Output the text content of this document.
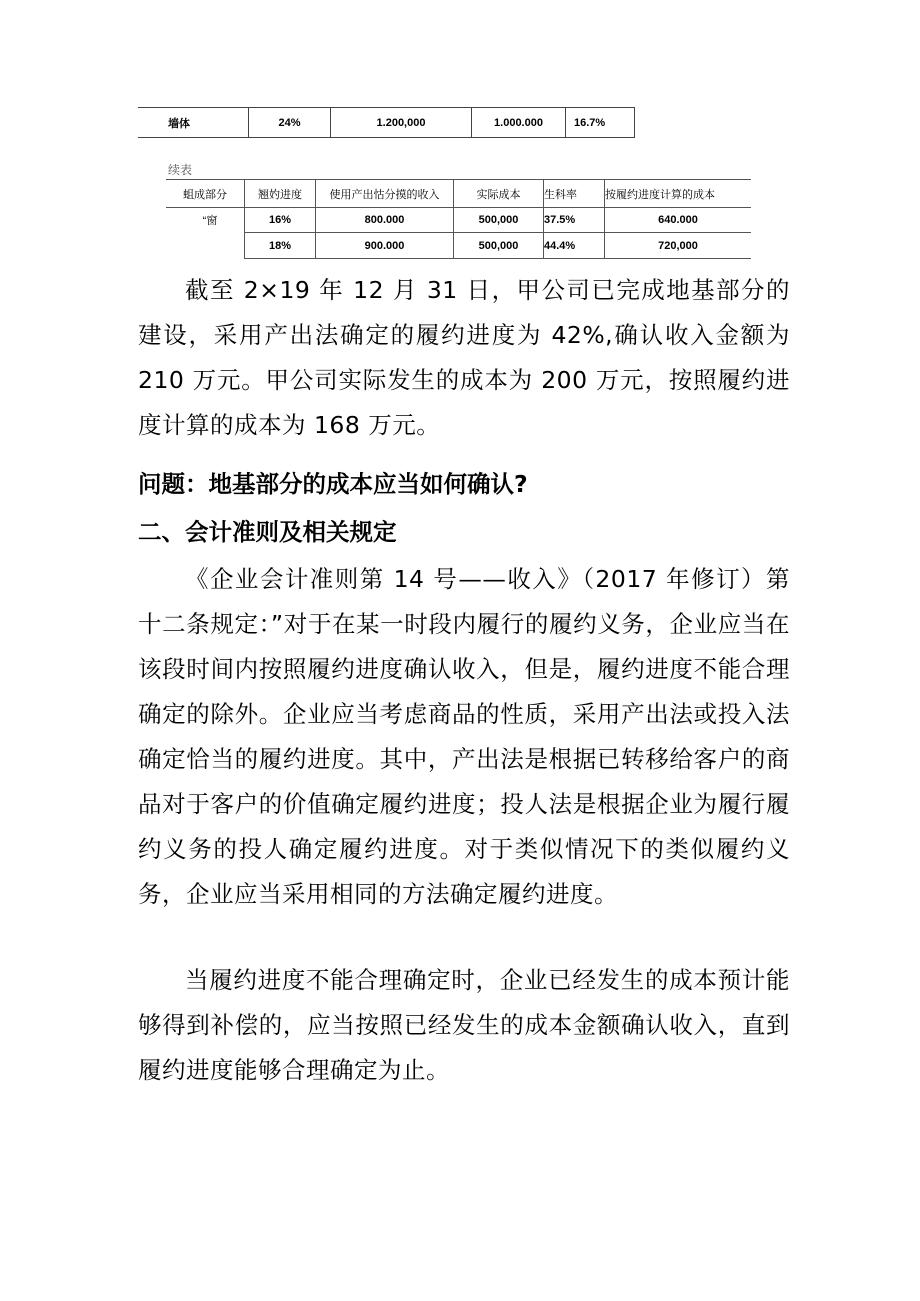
墙体	24%	1.200,000	1.000.000	16.7%
续表
蛆成部分	翘妁进度	使用产出怙分摸的收入	实际成本	生科率	按履约进度计算的成本
“窗	16%	800.000	500,000	37.5%	640.000
	18%	900.000	500,000	44.4%	720,000
截至 2×19 年 12 月 31 日，甲公司已完成地基部分的建设，采用产出法确定的履约进度为 42%,确认收入金额为 210 万元。甲公司实际发生的成本为 200 万元，按照履约进度计算的成本为 168 万元。
问题：地基部分的成本应当如何确认?
二、会计准则及相关规定
《企业会计准则第 14 号——收入》（2017 年修订）第十二条规定：”对于在某一时段内履行的履约义务，企业应当在该段时间内按照履约进度确认收入，但是，履约进度不能合理确定的除外。企业应当考虑商品的性质，采用产出法或投入法确定恰当的履约进度。其中，产出法是根据已转移给客户的商品对于客户的价值确定履约进度；投人法是根据企业为履行履约义务的投人确定履约进度。对于类似情况下的类似履约义务，企业应当采用相同的方法确定履约进度。
当履约进度不能合理确定时，企业已经发生的成本预计能够得到补偿的，应当按照已经发生的成本金额确认收入，直到履约进度能够合理确定为止。
